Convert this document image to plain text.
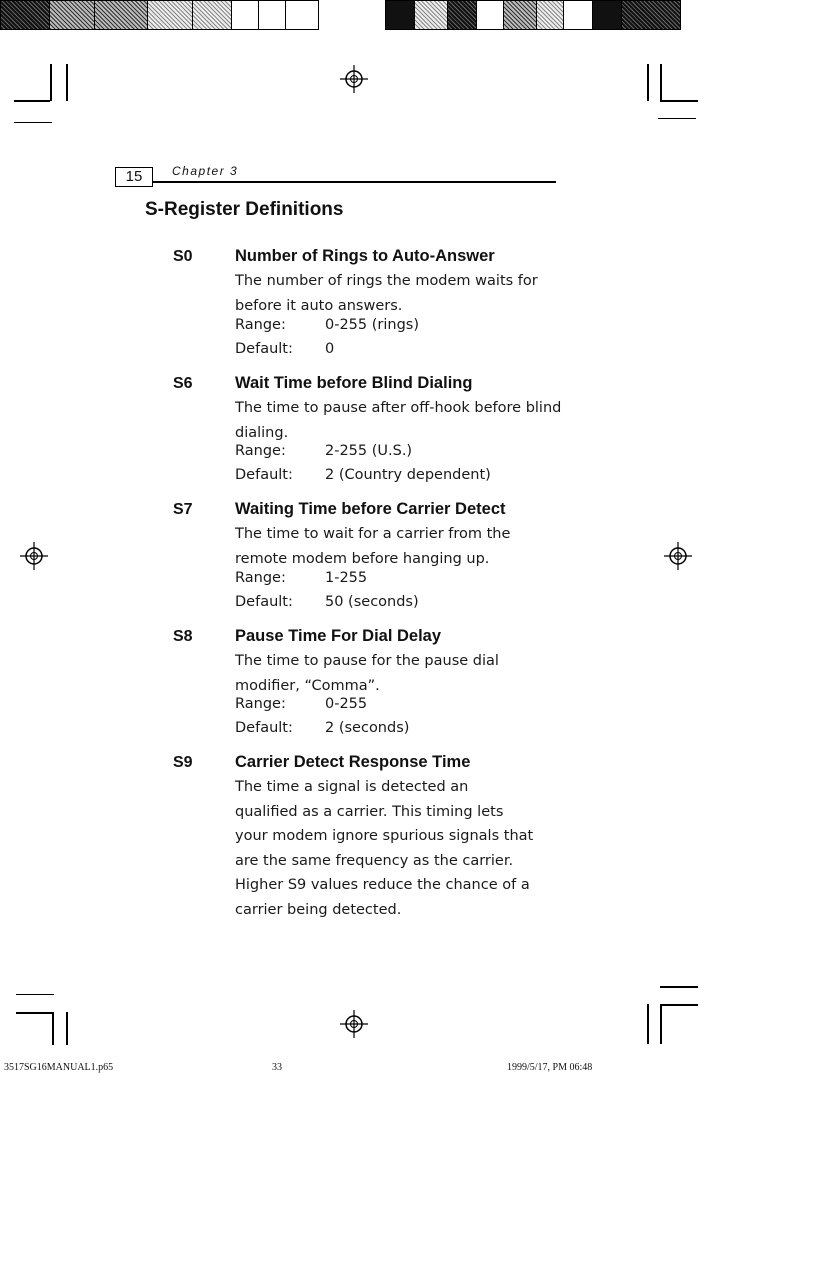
15	Chapter 3
S-Register Definitions
S0	Number of Rings to Auto-Answer
The number of rings the modem waits for before it auto answers.
Range:	0-255 (rings)
Default: 0
S6	Wait Time before Blind Dialing
The time to pause after off-hook before blind dialing.
Range:	2-255 (U.S.)
Default: 2 (Country dependent)
S7	Waiting Time before Carrier Detect
The time to wait for a carrier from the remote modem before hanging up.
Range:	1-255
Default: 50 (seconds)
S8	Pause Time For Dial Delay
The time to pause for the pause dial modifier, “Comma”.
Range:	0-255
Default: 2 (seconds)
S9	Carrier Detect Response Time
The time a signal is detected an qualified as a carrier. This timing lets your modem ignore spurious signals that are the same frequency as the carrier. Higher S9 values reduce the chance of a carrier being detected.
3517SG16MANUAL1.p65	33	1999/5/17, PM 06:48
